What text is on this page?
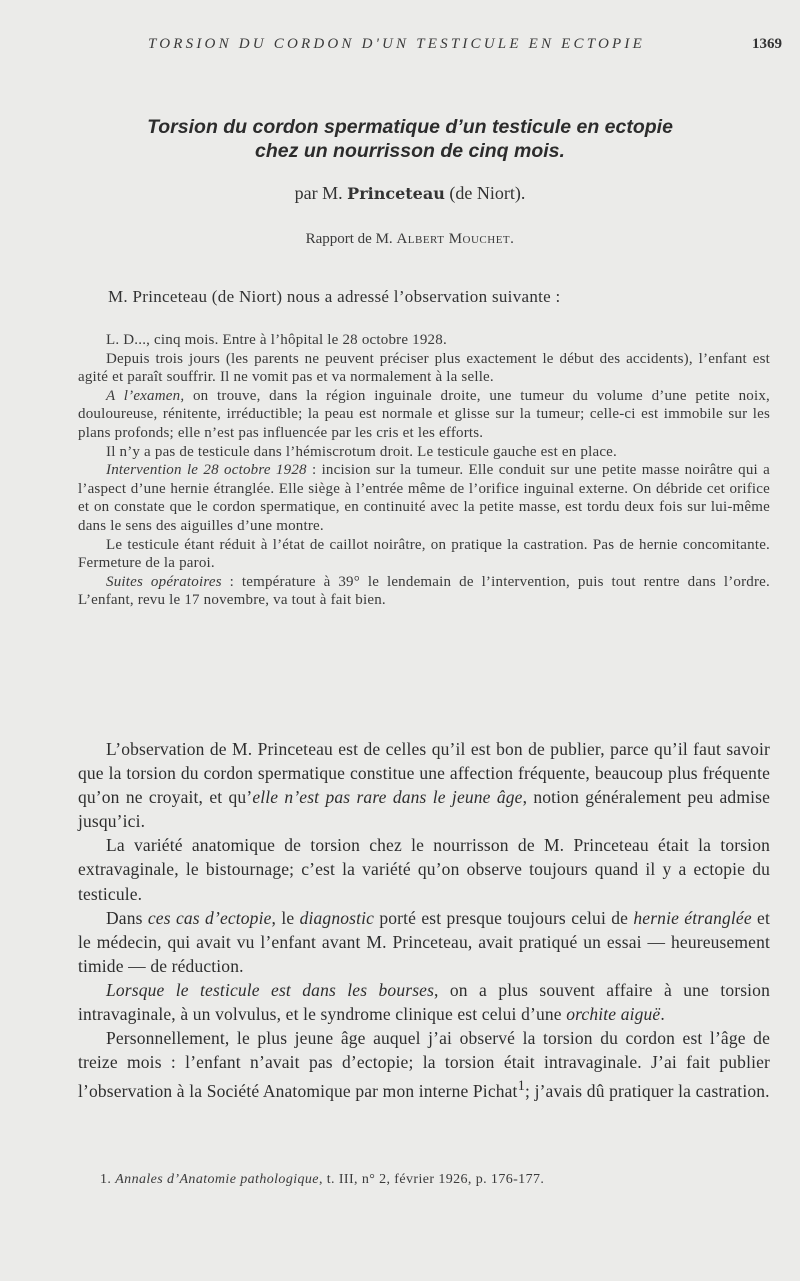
TORSION DU CORDON D'UN TESTICULE EN ECTOPIE	1369
Torsion du cordon spermatique d’un testicule en ectopie
chez un nourrisson de cinq mois.
par M. Princeteau (de Niort).
Rapport de M. Albert Mouchet.
M. Princeteau (de Niort) nous a adressé l’observation suivante :

L. D..., cinq mois. Entre à l’hôpital le 28 octobre 1928.

Depuis trois jours (les parents ne peuvent préciser plus exactement le début des accidents), l’enfant est agité et paraît souffrir. Il ne vomit pas et va normalement à la selle.

A l’examen, on trouve, dans la région inguinale droite, une tumeur du volume d’une petite noix, douloureuse, rénitente, irréductible; la peau est normale et glisse sur la tumeur; celle-ci est immobile sur les plans profonds; elle n’est pas influencée par les cris et les efforts.

Il n’y a pas de testicule dans l’hémiscrotum droit. Le testicule gauche est en place.

Intervention le 28 octobre 1928 : incision sur la tumeur. Elle conduit sur une petite masse noirâtre qui a l’aspect d’une hernie étranglée. Elle siège à l’entrée même de l’orifice inguinal externe. On débride cet orifice et on constate que le cordon spermatique, en continuité avec la petite masse, est tordu deux fois sur lui-même dans le sens des aiguilles d’une montre.

Le testicule étant réduit à l’état de caillot noirâtre, on pratique la castration. Pas de hernie concomitante. Fermeture de la paroi.

Suites opératoires : température à 39° le lendemain de l’intervention, puis tout rentre dans l’ordre. L’enfant, revu le 17 novembre, va tout à fait bien.

L’observation de M. Princeteau est de celles qu’il est bon de publier, parce qu’il faut savoir que la torsion du cordon spermatique constitue une affection fréquente, beaucoup plus fréquente qu’on ne croyait, et qu’elle n’est pas rare dans le jeune âge, notion généralement peu admise jusqu’ici.

La variété anatomique de torsion chez le nourrisson de M. Princeteau était la torsion extravaginale, le bistournage; c’est la variété qu’on observe toujours quand il y a ectopie du testicule.

Dans ces cas d’ectopie, le diagnostic porté est presque toujours celui de hernie étranglée et le médecin, qui avait vu l’enfant avant M. Princeteau, avait pratiqué un essai — heureusement timide — de réduction.

Lorsque le testicule est dans les bourses, on a plus souvent affaire à une torsion intravaginale, à un volvulus, et le syndrome clinique est celui d’une orchite aiguë.

Personnellement, le plus jeune âge auquel j’ai observé la torsion du cordon est l’âge de treize mois : l’enfant n’avait pas d’ectopie; la torsion était intravaginale. J’ai fait publier l’observation à la Société Anatomique par mon interne Pichat$^1$; j’avais dû pratiquer la castration.

1. Annales d’Anatomie pathologique, t. III, n° 2, février 1926, p. 176-177.
